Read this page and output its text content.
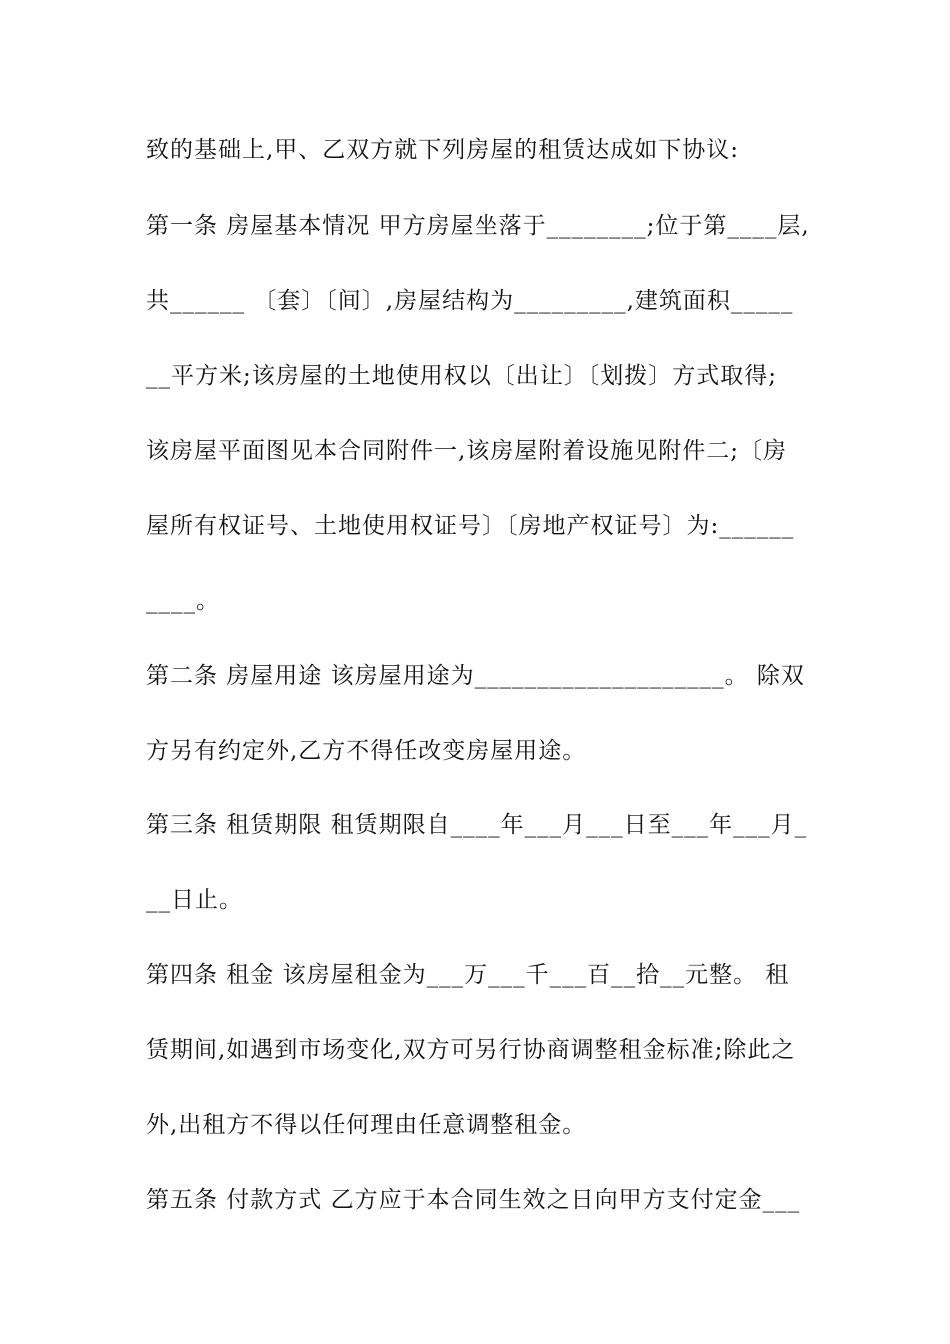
致的基础上,甲、乙双方就下列房屋的租赁达成如下协议:
第一条 房屋基本情况 甲方房屋坐落于________;位于第____层,
共______ 〔套〕〔间〕,房屋结构为_________,建筑面积_____
__平方米;该房屋的土地使用权以〔出让〕〔划拨〕方式取得;
该房屋平面图见本合同附件一,该房屋附着设施见附件二;〔房
屋所有权证号、土地使用权证号〕〔房地产权证号〕为:______
____。
第二条 房屋用途 该房屋用途为____________________。 除双
方另有约定外,乙方不得任改变房屋用途。
第三条 租赁期限 租赁期限自____年___月___日至___年___月_
__日止。
第四条 租金 该房屋租金为___万___千___百__拾__元整。 租
赁期间,如遇到市场变化,双方可另行协商调整租金标准;除此之
外,出租方不得以任何理由任意调整租金。
第五条 付款方式 乙方应于本合同生效之日向甲方支付定金___
